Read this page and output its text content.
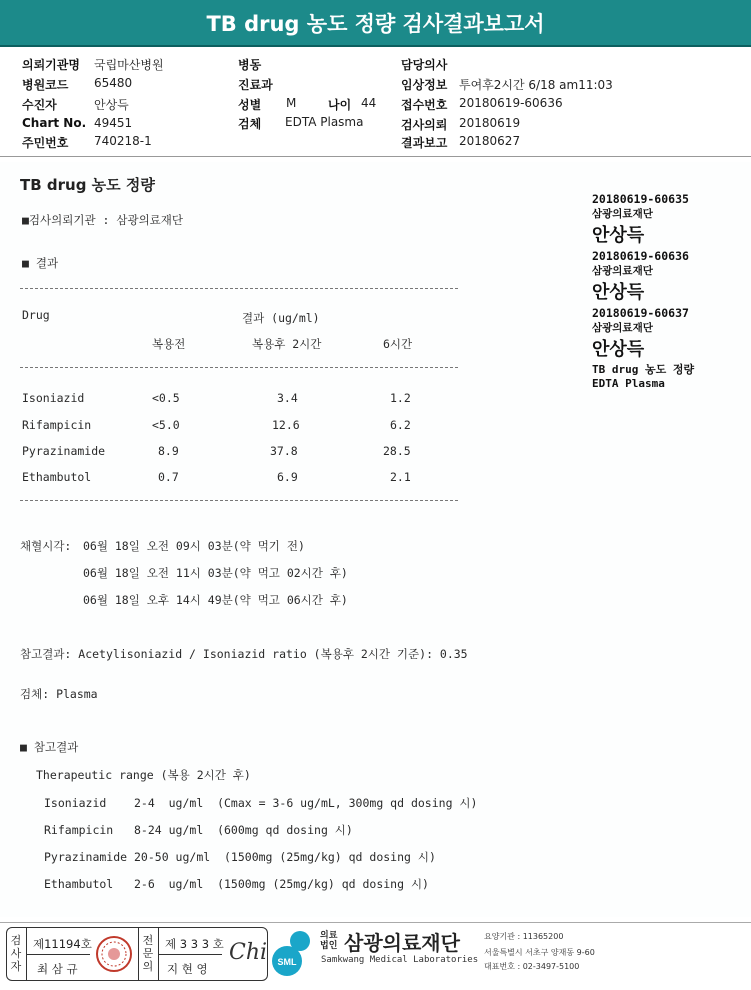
TB drug 농도 정량 검사결과보고서
의뢰기관명 국립마산병원
병원코드 65480
수진자	안상득
Chart No. 49451
주민번호 740218-1
병동
진료과
성별 M	나이 44
검체 EDTA Plasma
담당의사
임상정보 투여후2시간 6/18 am11:03
접수번호 20180619-60636
검사의뢰 20180619
결과보고 20180627
TB drug 농도 정량
■검사의뢰기관 : 삼광의료재단
■ 결과
Drug	결과 (ug/ml)
복용전	복용후 2시간	6시간
Isoniazid	<0.5	3.4	1.2
Rifampicin	<5.0	12.6	6.2
Pyrazinamide	8.9	37.8	28.5
Ethambutol	0.7	6.9	2.1
채혈시각: 06월 18일 오전 09시 03분(약 먹기 전)
06월 18일 오전 11시 03분(약 먹고 02시간 후)
06월 18일 오후 14시 49분(약 먹고 06시간 후)
참고결과: Acetylisoniazid / Isoniazid ratio (복용후 2시간 기준): 0.35
검체: Plasma
■ 참고결과
Therapeutic range (복용 2시간 후)
Isoniazid    2-4  ug/ml  (Cmax = 3-6 ug/mL, 300mg qd dosing 시)
Rifampicin   8-24 ug/ml  (600mg qd dosing 시)
Pyrazinamide 20-50 ug/ml  (1500mg (25mg/kg) qd dosing 시)
Ethambutol   2-6  ug/ml  (1500mg (25mg/kg) qd dosing 시)
20180619-60635
삼광의료재단
안상득
20180619-60636
삼광의료재단
안상득
20180619-60637
삼광의료재단
안상득
TB drug 농도 정량
EDTA Plasma
검사자
제11194호
최 삼 규
전문의
제 3 3 3 호
지 현 영
Chi SML
의료
법인 삼광의료재단
Samkwang Medical Laboratories
요양기관 : 11365200
서울특별시 서초구 양재동 9-60
대표번호 : 02-3497-5100
